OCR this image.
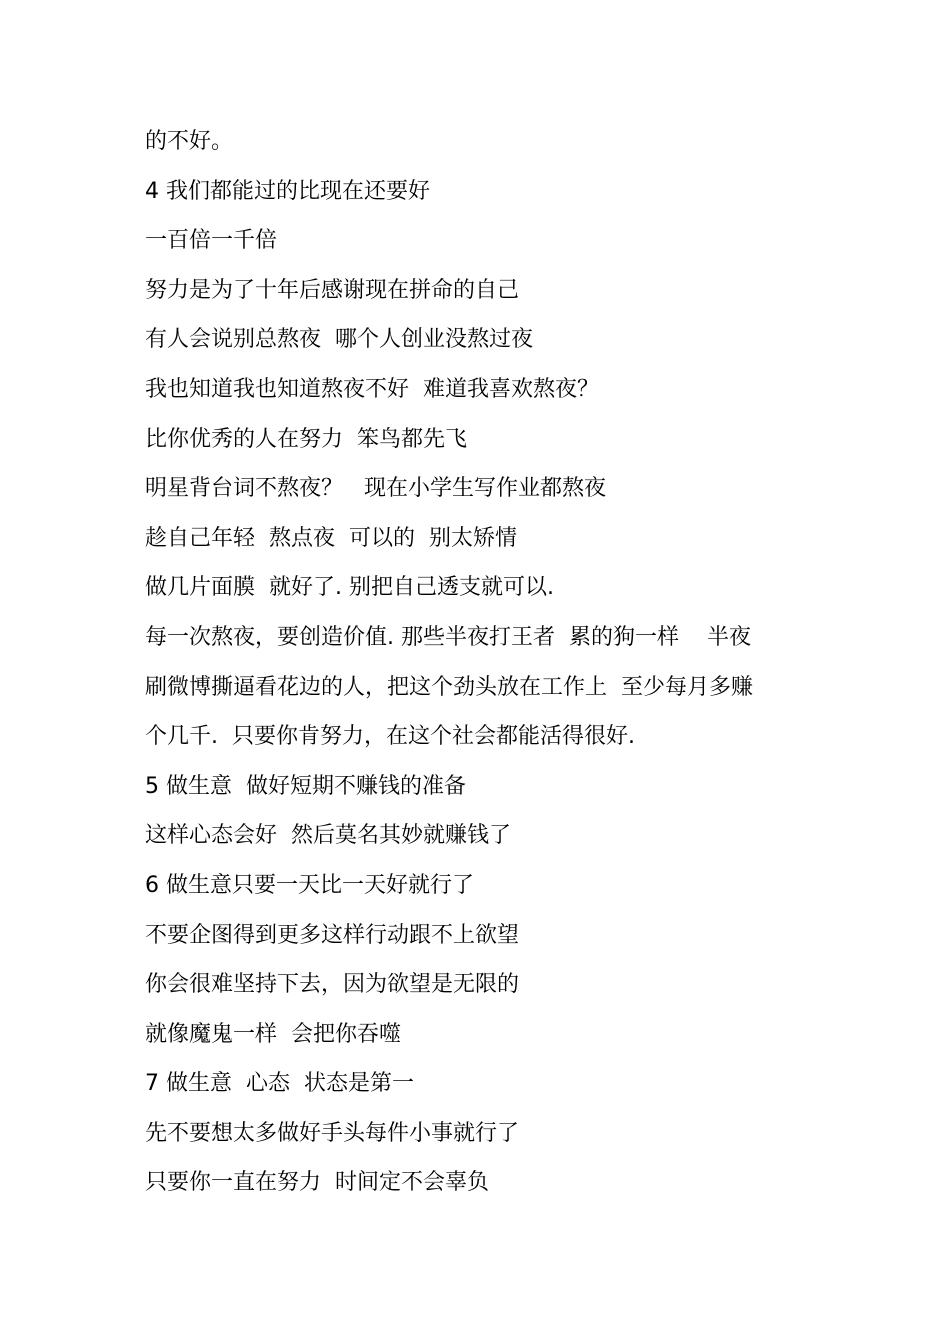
的不好。
4 我们都能过的比现在还要好
一百倍一千倍
努力是为了十年后感谢现在拼命的自己
有人会说别总熬夜  哪个人创业没熬过夜
我也知道我也知道熬夜不好  难道我喜欢熬夜？
比你优秀的人在努力  笨鸟都先飞
明星背台词不熬夜？   现在小学生写作业都熬夜
趁自己年轻  熬点夜  可以的  别太矫情
做几片面膜  就好了. 别把自己透支就可以.
每一次熬夜，要创造价值. 那些半夜打王者  累的狗一样    半夜
刷微博撕逼看花边的人，把这个劲头放在工作上  至少每月多赚
个几千.  只要你肯努力，在这个社会都能活得很好.
5 做生意  做好短期不赚钱的准备
这样心态会好  然后莫名其妙就赚钱了
6 做生意只要一天比一天好就行了
不要企图得到更多这样行动跟不上欲望
你会很难坚持下去，因为欲望是无限的
就像魔鬼一样  会把你吞噬
7 做生意  心态  状态是第一
先不要想太多做好手头每件小事就行了
只要你一直在努力  时间定不会辜负
